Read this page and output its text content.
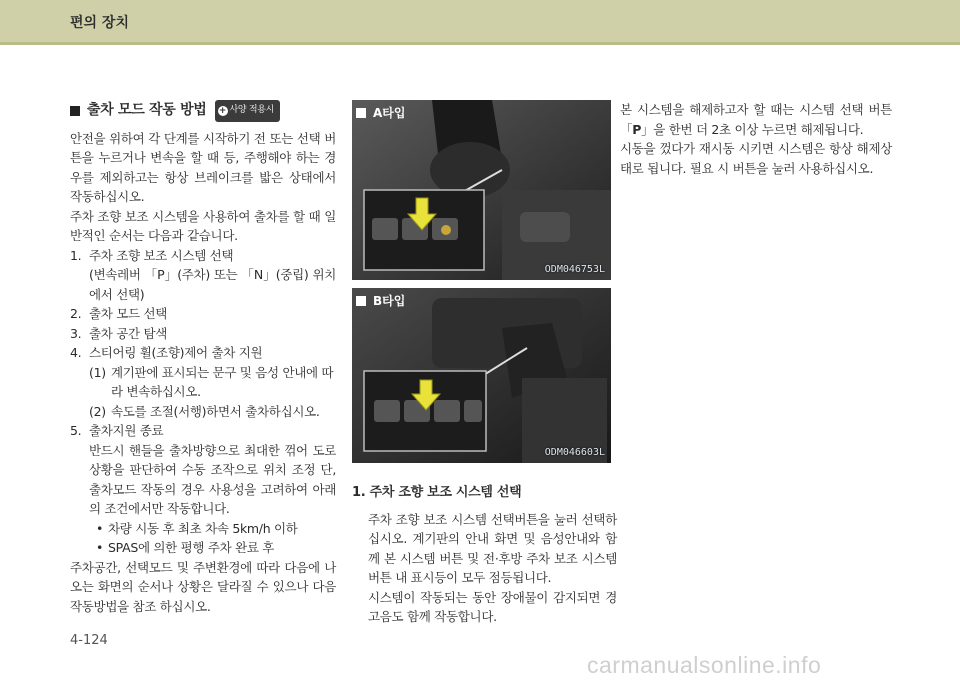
편의 장치
출차 모드 작동 방법 + 사양 적용시

안전을 위하여 각 단계를 시작하기 전 또는 선택 버튼을 누르거나 변속을 할 때 등, 주행해야 하는 경우를 제외하고는 항상 브레이크를 밟은 상태에서 작동하십시오.

주차 조향 보조 시스템을 사용하여 출차를 할 때 일반적인 순서는 다음과 같습니다.

1. 주차 조향 보조 시스템 선택

(변속레버 「P」(주차) 또는 「N」(중립) 위치에서 선택)

2. 출차 모드 선택
3. 출차 공간 탐색
4. 스티어링 휠(조향)제어 출차 지원
(1) 계기판에 표시되는 문구 및 음성 안내에 따라 변속하십시오.
(2) 속도를 조절(서행)하면서 출차하십시오.
5. 출차지원 종료

반드시 핸들을 출차방향으로 최대한 꺾어 도로 상황을 판단하여 수동 조작으로 위치 조정 단, 출차모드 작동의 경우 사용성을 고려하여 아래의 조건에서만 작동합니다.

• 차량 시동 후 최초 차속 5km/h 이하
• SPAS에 의한 평행 주차 완료 후

주차공간, 선택모드 및 주변환경에 따라 다음에 나오는 화면의 순서나 상황은 달라질 수 있으나 다음 작동방법을 참조 하십시오.

A타입
ODM046753L
B타입
ODM046603L
1. 주차 조향 보조 시스템 선택

주차 조향 보조 시스템 선택버튼을 눌러 선택하십시오. 계기판의 안내 화면 및 음성안내와 함께 본 시스템 버튼 및 전·후방 주차 보조 시스템 버튼 내 표시등이 모두 점등됩니다.

시스템이 작동되는 동안 장애물이 감지되면 경고음도 함께 작동합니다.

본 시스템을 해제하고자 할 때는 시스템 선택 버튼「P」을 한번 더 2초 이상 누르면 해제됩니다.

시동을 껐다가 재시동 시키면 시스템은 항상 해제상태로 됩니다. 필요 시 버튼을 눌러 사용하십시오.

4-124
carmanualsonline.info
